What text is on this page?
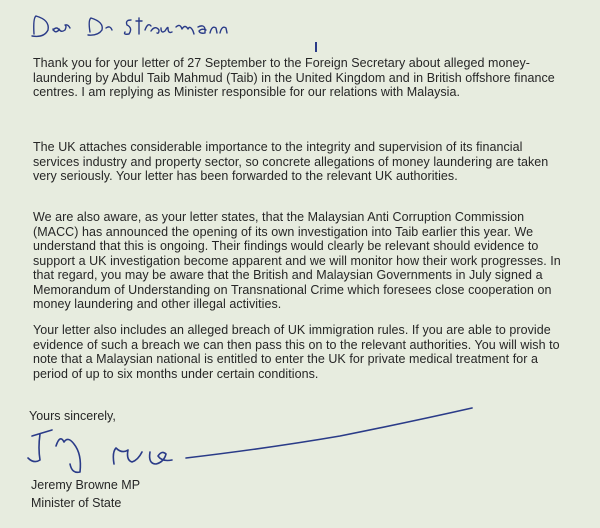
Thank you for your letter of 27 September to the Foreign Secretary about alleged money-laundering by Abdul Taib Mahmud (Taib) in the United Kingdom and in British offshore finance centres. I am replying as Minister responsible for our relations with Malaysia.

The UK attaches considerable importance to the integrity and supervision of its financial services industry and property sector, so concrete allegations of money laundering are taken very seriously. Your letter has been forwarded to the relevant UK authorities.

We are also aware, as your letter states, that the Malaysian Anti Corruption Commission (MACC) has announced the opening of its own investigation into Taib earlier this year. We understand that this is ongoing. Their findings would clearly be relevant should evidence to support a UK investigation become apparent and we will monitor how their work progresses. In that regard, you may be aware that the British and Malaysian Governments in July signed a Memorandum of Understanding on Transnational Crime which foresees close cooperation on money laundering and other illegal activities.

Your letter also includes an alleged breach of UK immigration rules. If you are able to provide evidence of such a breach we can then pass this on to the relevant authorities. You will wish to note that a Malaysian national is entitled to enter the UK for private medical treatment for a period of up to six months under certain conditions.

Yours sincerely,

Jeremy Browne MP

Minister of State
